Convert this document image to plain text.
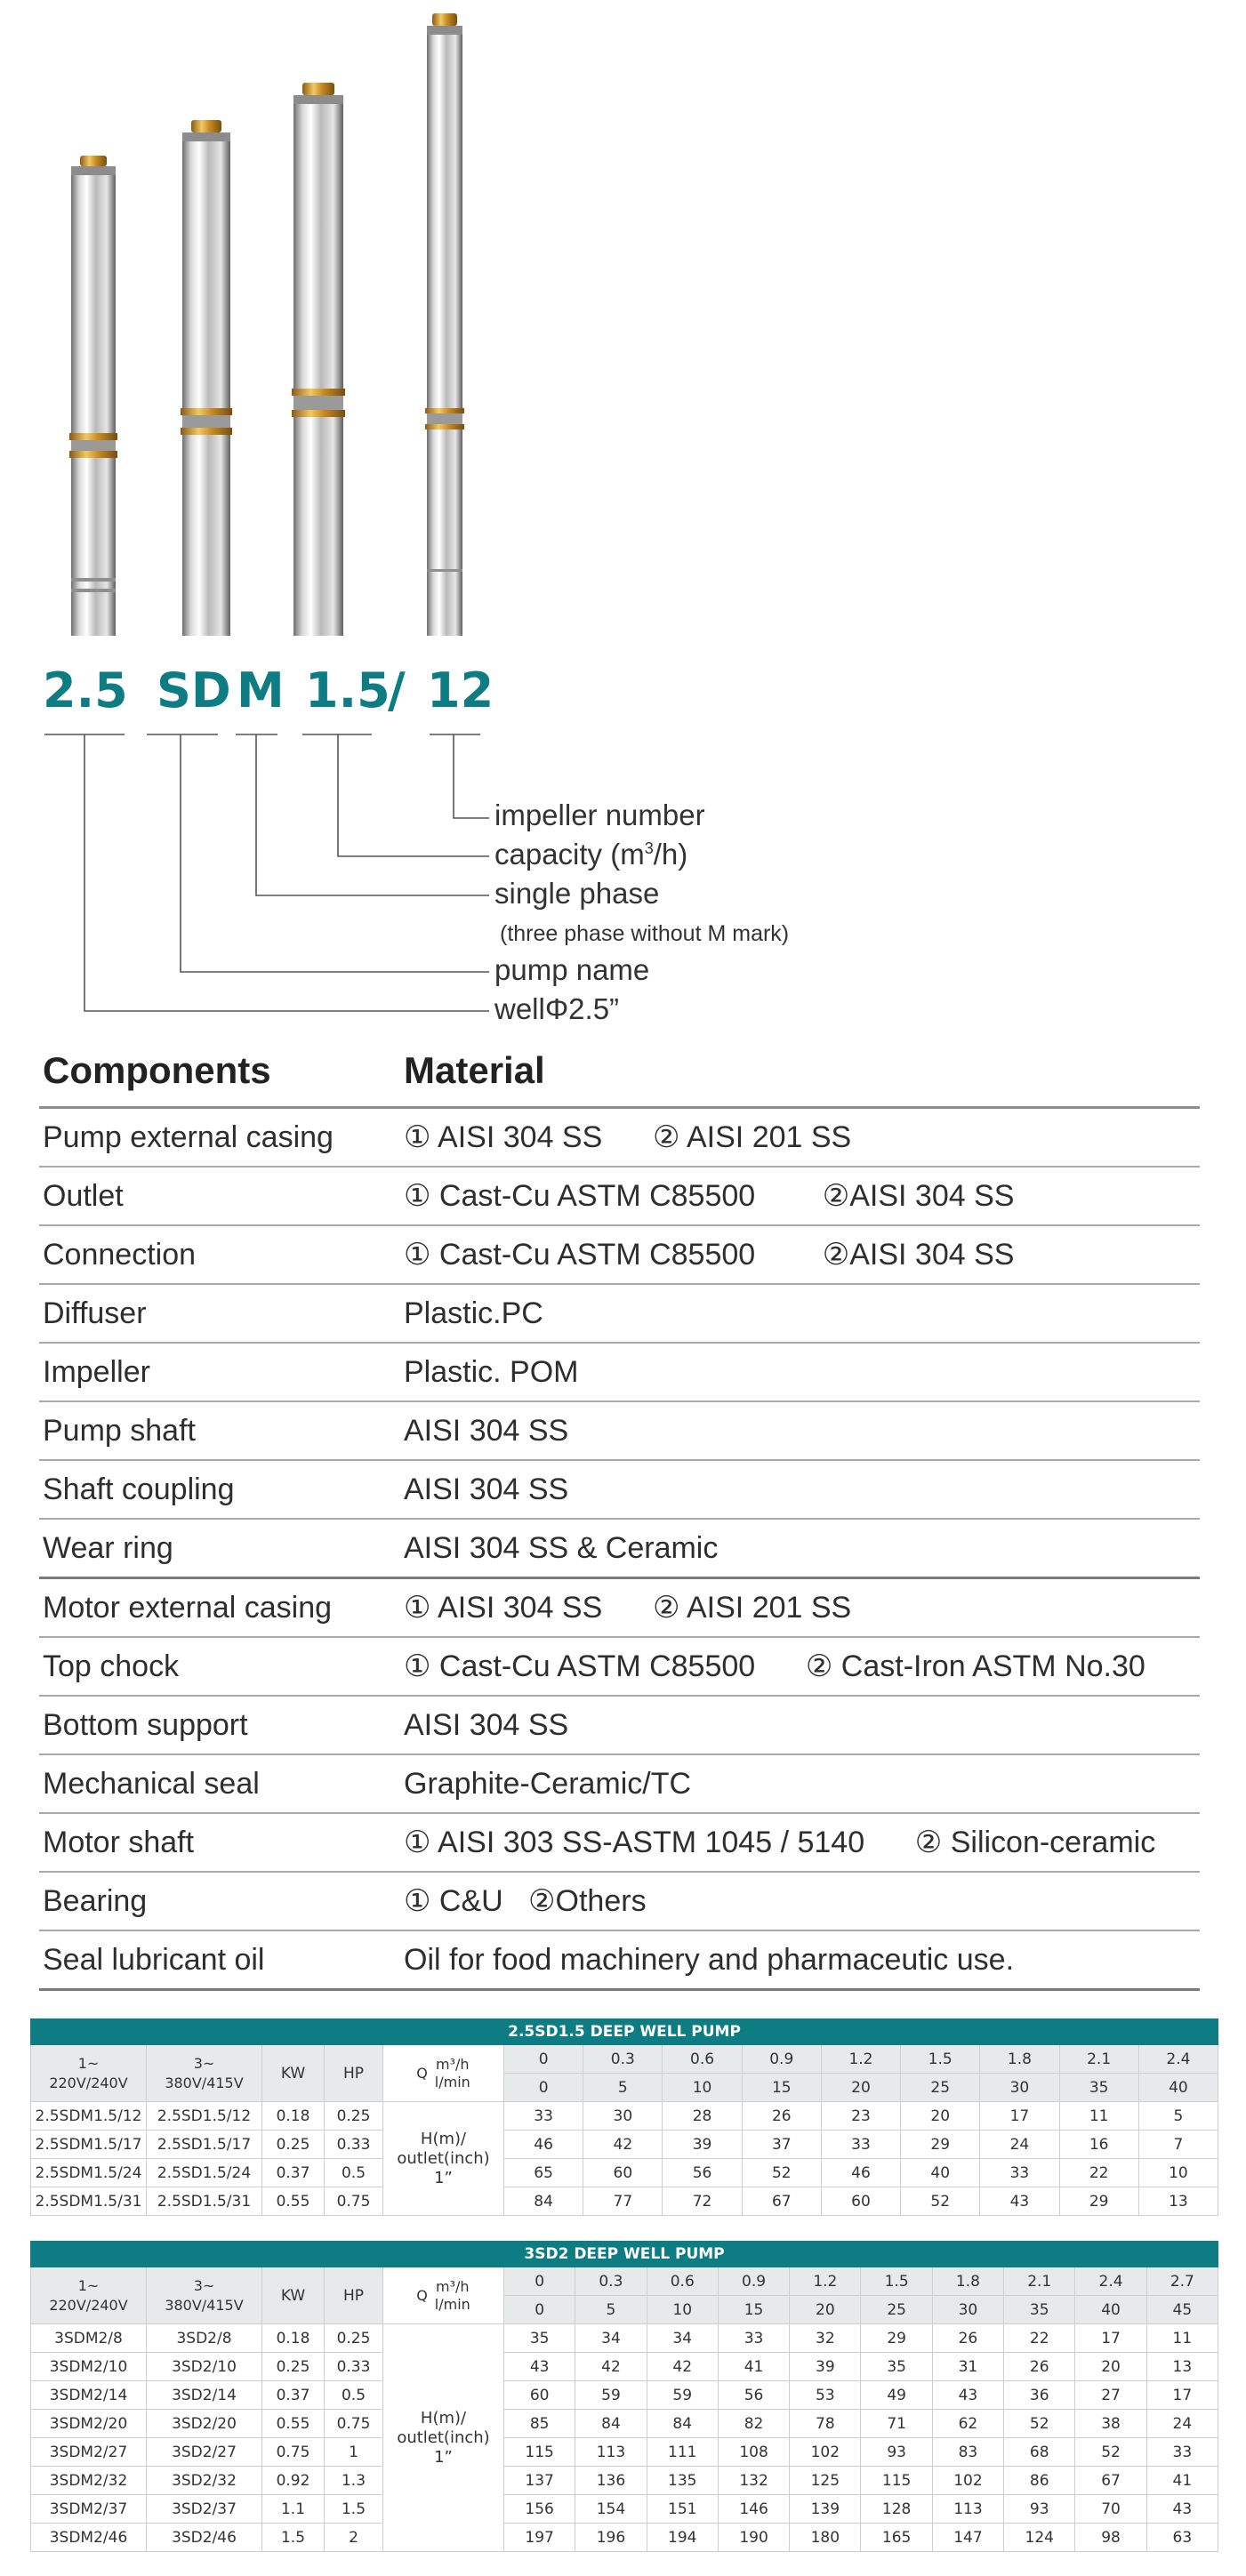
2.5 SD M 1.5
/ 12
impeller number
capacity $(m^3/h)$
single phase
(three phase without M mark)
pump name
wellΦ2.5”
Components	Material
Pump external casing ① AISI 304 SS      ② AISI 201 SS
Outlet	① Cast-Cu ASTM C85500        ②AISI 304 SS
Connection	① Cast-Cu ASTM C85500        ②AISI 304 SS
Diffuser	Plastic.PC
Impeller	Plastic. POM
Pump shaft	AISI 304 SS
Shaft coupling	AISI 304 SS
Wear ring	AISI 304 SS & Ceramic
Motor external casing ① AISI 304 SS      ② AISI 201 SS
Top chock	① Cast-Cu ASTM C85500      ② Cast-Iron ASTM No.30
Bottom support	AISI 304 SS
Mechanical seal	Graphite-Ceramic/TC
Motor shaft	① AISI 303 SS-ASTM 1045 / 5140      ② Silicon-ceramic
Bearing	① C&U   ②Others
Seal lubricant oil	Oil for food machinery and pharmaceutic use.
2.5SD1.5 DEEP WELL PUMP													
1~
220V/240V	3~
380V/415V	KW	HP	Q
m³/h
l/min	0	0.3	0.6	0.9	1.2	1.5	1.8	2.1	2.4
					0	5	10	15	20	25	30	35	40
2.5SDM1.5/12	2.5SD1.5/12	0.18	0.25	H(m)/
outlet(inch)
1”	33	30	28	26	23	20	17	11	5
2.5SDM1.5/17	2.5SD1.5/17	0.25	0.33		46	42	39	37	33	29	24	16	7
2.5SDM1.5/24	2.5SD1.5/24	0.37	0.5		65	60	56	52	46	40	33	22	10
2.5SDM1.5/31	2.5SD1.5/31	0.55	0.75		84	77	72	67	60	52	43	29	13
3SD2 DEEP WELL PUMP														
1~
220V/240V	3~
380V/415V	KW	HP	Q
m³/h
l/min	0	0.3	0.6	0.9	1.2	1.5	1.8	2.1	2.4	2.7
					0	5	10	15	20	25	30	35	40	45
3SDM2/8	3SD2/8	0.18	0.25	H(m)/
outlet(inch)
1”	35	34	34	33	32	29	26	22	17	11
3SDM2/10	3SD2/10	0.25	0.33		43	42	42	41	39	35	31	26	20	13
3SDM2/14	3SD2/14	0.37	0.5		60	59	59	56	53	49	43	36	27	17
3SDM2/20	3SD2/20	0.55	0.75		85	84	84	82	78	71	62	52	38	24
3SDM2/27	3SD2/27	0.75	1		115	113	111	108	102	93	83	68	52	33
3SDM2/32	3SD2/32	0.92	1.3		137	136	135	132	125	115	102	86	67	41
3SDM2/37	3SD2/37	1.1	1.5		156	154	151	146	139	128	113	93	70	43
3SDM2/46	3SD2/46	1.5	2		197	196	194	190	180	165	147	124	98	63
